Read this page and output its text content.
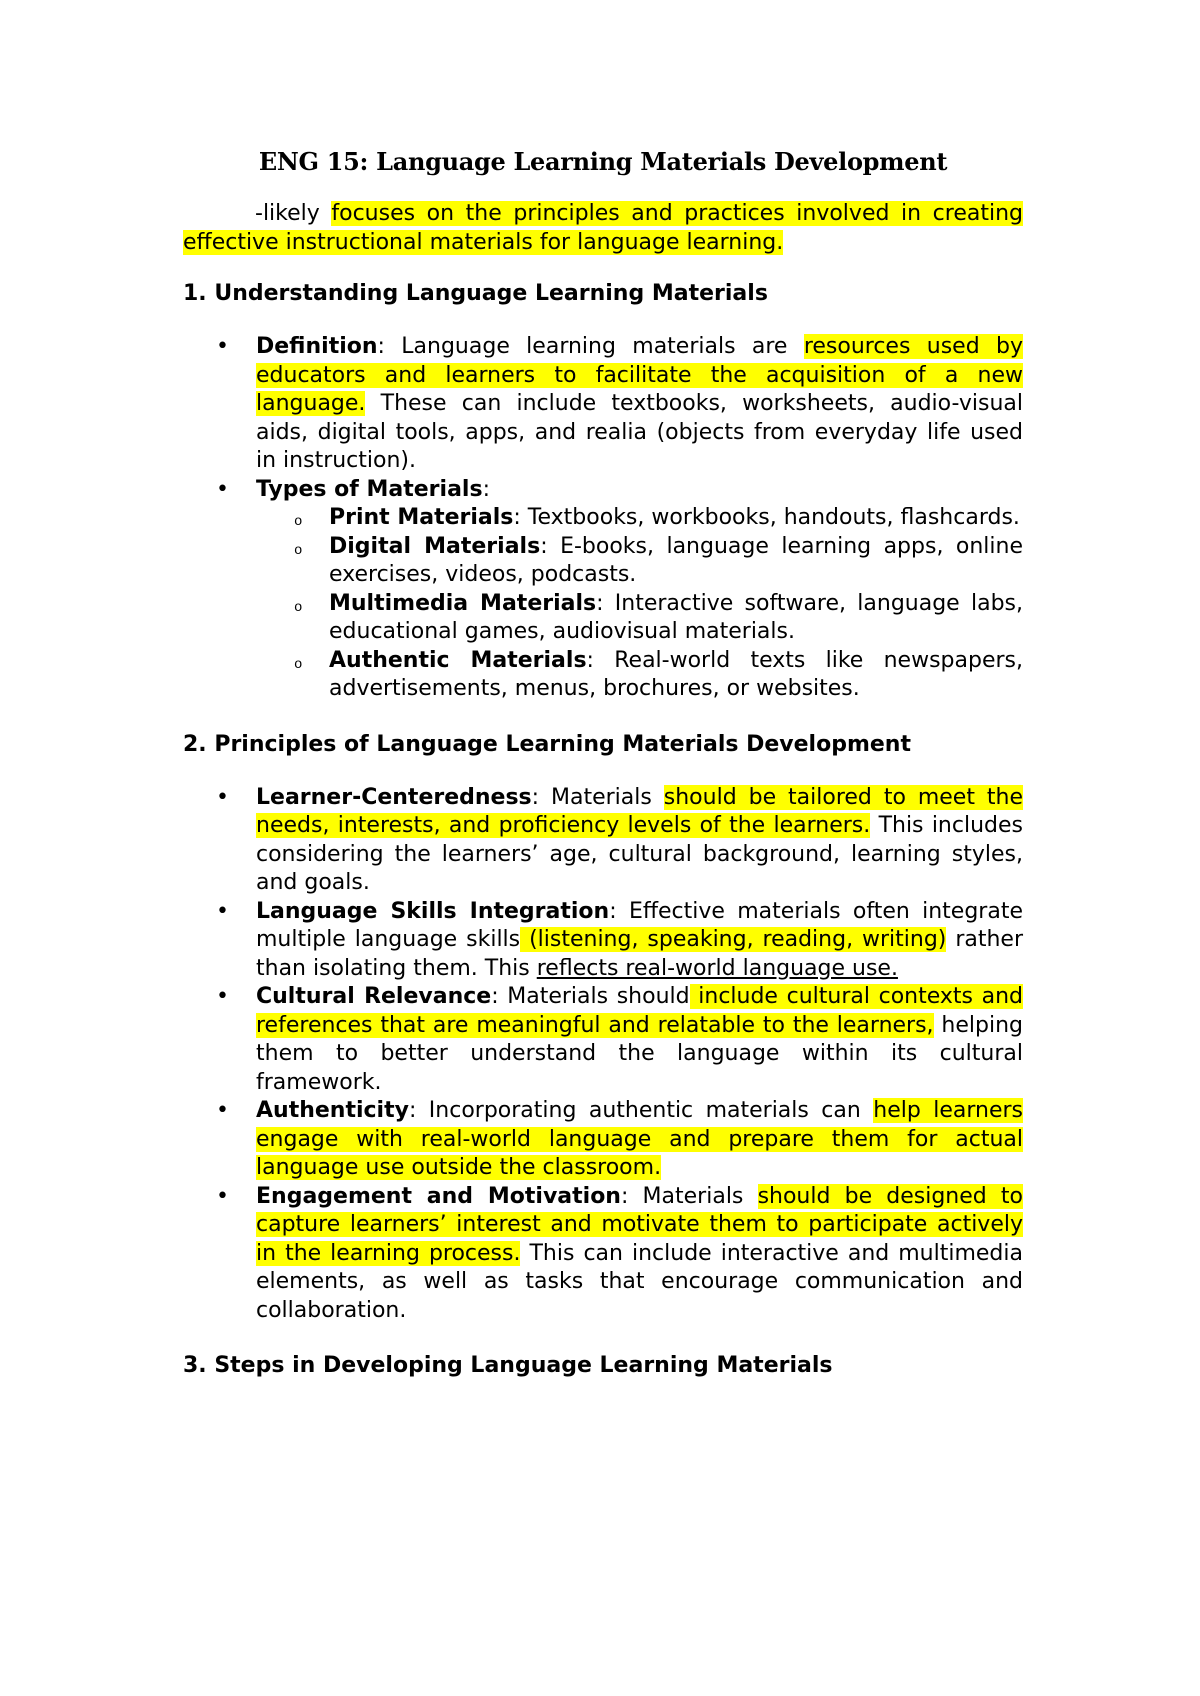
ENG 15: Language Learning Materials Development

-likely focuses on the principles and practices involved in creating effective instructional materials for language learning.

1. Understanding Language Learning Materials
• Definition: Language learning materials are resources used by educators and learners to facilitate the acquisition of a new language. These can include textbooks, worksheets, audio-visual aids, digital tools, apps, and realia (objects from everyday life used in instruction).
• Types of Materials:
o Print Materials: Textbooks, workbooks, handouts, flashcards.
o Digital Materials: E-books, language learning apps, online exercises, videos, podcasts.
o Multimedia Materials: Interactive software, language labs, educational games, audiovisual materials.
o Authentic Materials: Real-world texts like newspapers, advertisements, menus, brochures, or websites.
2. Principles of Language Learning Materials Development
• Learner-Centeredness: Materials should be tailored to meet the needs, interests, and proficiency levels of the learners. This includes considering the learners’ age, cultural background, learning styles, and goals.
• Language Skills Integration: Effective materials often integrate multiple language skills (listening, speaking, reading, writing) rather than isolating them. This reflects real-world language use.
• Cultural Relevance: Materials should include cultural contexts and references that are meaningful and relatable to the learners, helping them to better understand the language within its cultural framework.
• Authenticity: Incorporating authentic materials can help learners engage with real-world language and prepare them for actual language use outside the classroom.
• Engagement and Motivation: Materials should be designed to capture learners’ interest and motivate them to participate actively in the learning process. This can include interactive and multimedia elements, as well as tasks that encourage communication and collaboration.
3. Steps in Developing Language Learning Materials
